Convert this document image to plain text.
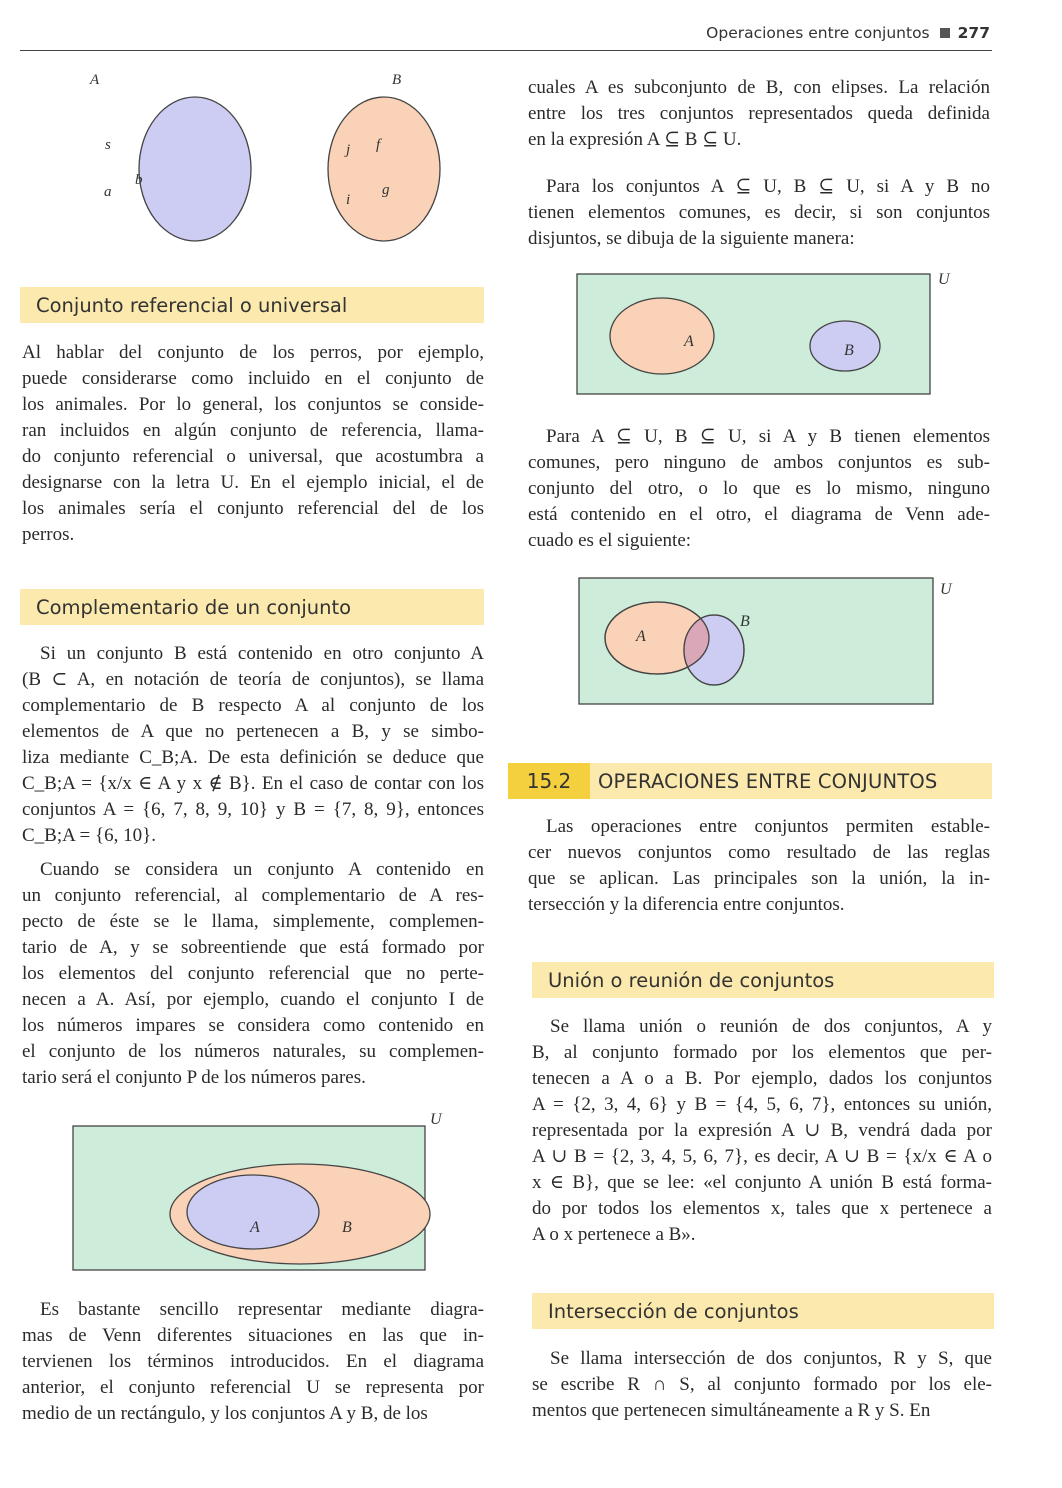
Operaciones entre conjuntos 277
A	B
s
b
a
j f
i
g
Conjunto referencial o universal
Al hablar del conjunto de los perros, por ejemplo,
puede considerarse como incluido en el conjunto de
los animales. Por lo general, los conjuntos se conside-
ran incluidos en algún conjunto de referencia, llama-
do conjunto referencial o universal, que acostumbra a
designarse con la letra U. En el ejemplo inicial, el de
los animales sería el conjunto referencial del de los
perros.
Complementario de un conjunto
Si un conjunto B está contenido en otro conjunto A
(B ⊂ A, en notación de teoría de conjuntos), se llama
complementario de B respecto A al conjunto de los
elementos de A que no pertenecen a B, y se simbo-
liza mediante C_B;A. De esta definición se deduce que
C_B;A = {x/x ∈ A y x ∉ B}. En el caso de contar con los
conjuntos A = {6, 7, 8, 9, 10} y B = {7, 8, 9}, entonces
C_B;A = {6, 10}.
Cuando se considera un conjunto A contenido en
un conjunto referencial, al complementario de A res-
pecto de éste se le llama, simplemente, complemen-
tario de A, y se sobreentiende que está formado por
los elementos del conjunto referencial que no perte-
necen a A. Así, por ejemplo, cuando el conjunto I de
los números impares se considera como contenido en
el conjunto de los números naturales, su complemen-
tario será el conjunto P de los números pares.
U
A	B
Es bastante sencillo representar mediante diagra-
mas de Venn diferentes situaciones en las que in-
tervienen los términos introducidos. En el diagrama
anterior, el conjunto referencial U se representa por
medio de un rectángulo, y los conjuntos A y B, de los
cuales A es subconjunto de B, con elipses. La relación
entre los tres conjuntos representados queda definida
en la expresión A ⊆ B ⊆ U.
Para los conjuntos A ⊆ U, B ⊆ U, si A y B no
tienen elementos comunes, es decir, si son conjuntos
disjuntos, se dibuja de la siguiente manera:
U
A
B
Para A ⊆ U, B ⊆ U, si A y B tienen elementos
comunes, pero ninguno de ambos conjuntos es sub-
conjunto del otro, o lo que es lo mismo, ninguno
está contenido en el otro, el diagrama de Venn ade-
cuado es el siguiente:
U
A
B
15.2	OPERACIONES ENTRE CONJUNTOS
Las operaciones entre conjuntos permiten estable-
cer nuevos conjuntos como resultado de las reglas
que se aplican. Las principales son la unión, la in-
tersección y la diferencia entre conjuntos.
Unión o reunión de conjuntos
Se llama unión o reunión de dos conjuntos, A y
B, al conjunto formado por los elementos que per-
tenecen a A o a B. Por ejemplo, dados los conjuntos
A = {2, 3, 4, 6} y B = {4, 5, 6, 7}, entonces su unión,
representada por la expresión A ∪ B, vendrá dada por
A ∪ B = {2, 3, 4, 5, 6, 7}, es decir, A ∪ B = {x/x ∈ A o
x ∈ B}, que se lee: «el conjunto A unión B está forma-
do por todos los elementos x, tales que x pertenece a
A o x pertenece a B».
Intersección de conjuntos
Se llama intersección de dos conjuntos, R y S, que
se escribe R ∩ S, al conjunto formado por los ele-
mentos que pertenecen simultáneamente a R y S. En
